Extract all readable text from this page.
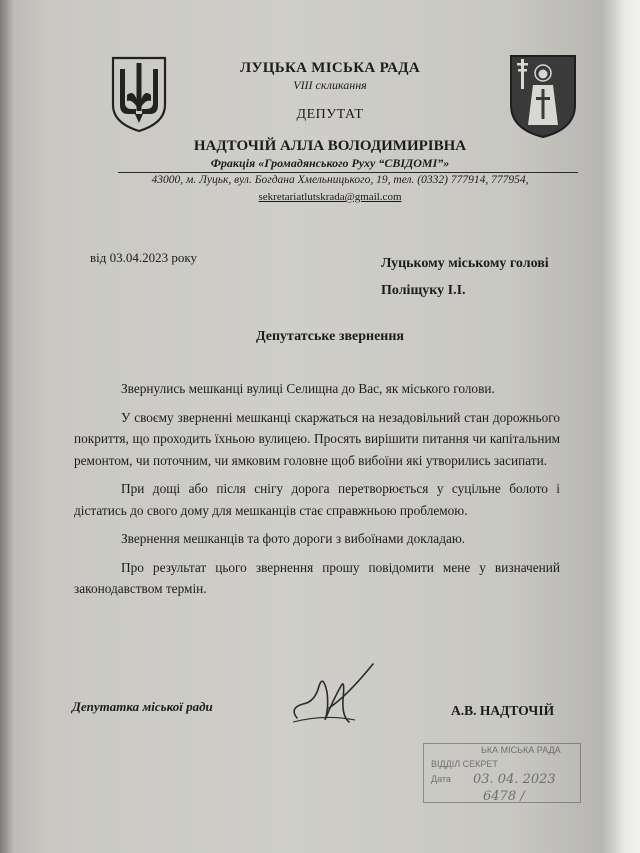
ЛУЦЬКА МІСЬКА РАДА
VIII скликання
ДЕПУТАТ
НАДТОЧІЙ АЛЛА ВОЛОДИМИРІВНА
Фракція «Громадянського Руху “СВІДОМІ”»
43000, м. Луцьк, вул. Богдана Хмельницького, 19, тел. (0332) 777914, 777954,
sekretariatlutskrada@gmail.com
від 03.04.2023 року	Луцькому міському голові
Поліщуку І.І.
Депутатське звернення

Звернулись мешканці вулиці Селищна до Вас, як міського голови.

У своєму зверненні мешканці скаржаться на незадовільний стан дорожнього покриття, що проходить їхньою вулицею. Просять вирішити питання чи капітальним ремонтом, чи поточним, чи ямковим головне щоб вибоїни які утворились засипати.

При дощі або після снігу дорога перетворюється у суцільне болото і дістатись до свого дому для мешканців стає справжньою проблемою.

Звернення мешканців та фото дороги з вибоїнами докладаю.

Про результат цього звернення прошу повідомити мене у визначений законодавством термін.

Депутатка міської ради	А.В. НАДТОЧІЙ
ЬКА МІСЬКА РАДА
ВІДДІЛ СЕКРЕТ
Дата 03. 04. 2023
6478 /
